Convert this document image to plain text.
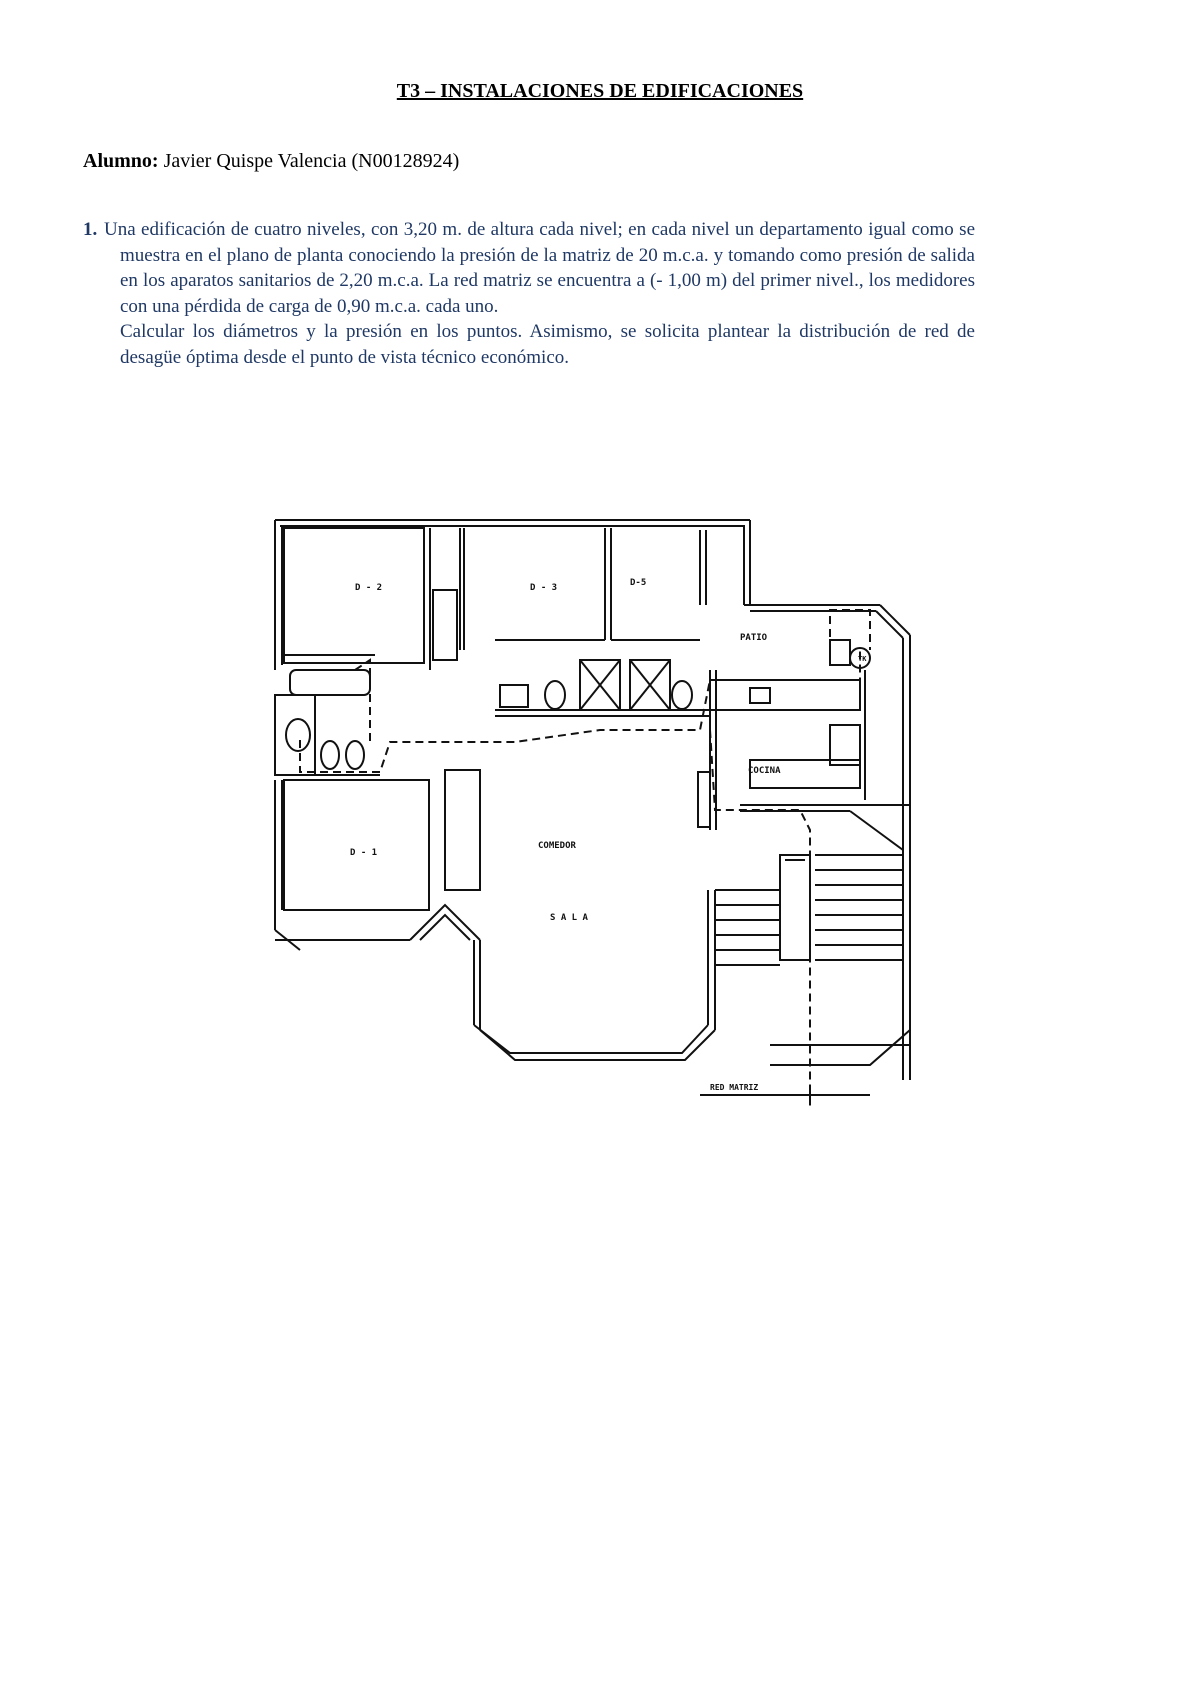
T3 – INSTALACIONES DE EDIFICACIONES
Alumno: Javier Quispe Valencia (N00128924)
1. Una edificación de cuatro niveles, con 3,20 m. de altura cada nivel; en cada nivel un departamento igual como se muestra en el plano de planta conociendo la presión de la matriz de 20 m.c.a. y tomando como presión de salida en los aparatos sanitarios de 2,20 m.c.a. La red matriz se encuentra a (- 1,00 m) del primer nivel., los medidores con una pérdida de carga de 0,90 m.c.a. cada uno.
Calcular los diámetros y la presión en los puntos. Asimismo, se solicita plantear la distribución de red de desagüe óptima desde el punto de vista técnico económico.
D - 2	D - 3	D-5
PATIO
TK
COCINA
COMEDOR
D - 1
S A L A
RED MATRIZ
